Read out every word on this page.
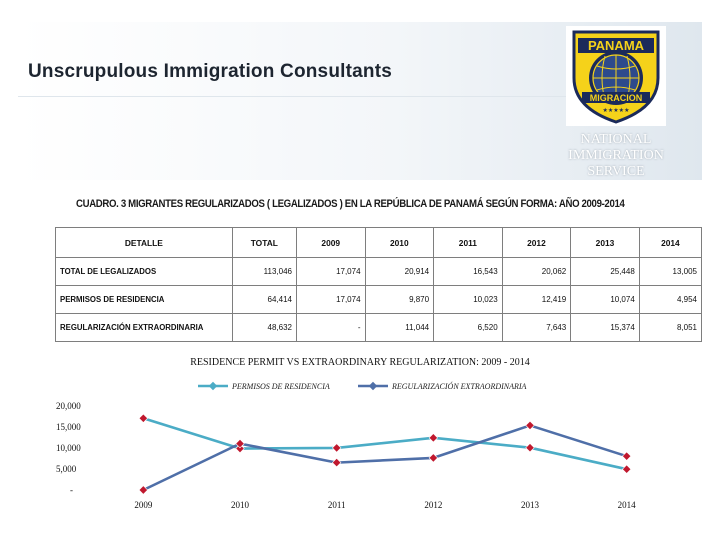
Unscrupulous Immigration Consultants
PANAMA
MIGRACION
★★★★★
NATIONAL
IMMIGRATION
SERVICE
CUADRO. 3 MIGRANTES REGULARIZADOS ( LEGALIZADOS ) EN LA REPÚBLICA DE PANAMÁ SEGÚN FORMA: AÑO 2009-2014
DETALLE	TOTAL	2009	2010	2011	2012	2013	2014
TOTAL DE LEGALIZADOS	113,046	17,074	20,914	16,543	20,062	25,448	13,005
PERMISOS DE RESIDENCIA	64,414	17,074	9,870	10,023	12,419	10,074	4,954
REGULARIZACIÓN EXTRAORDINARIA	48,632	-	11,044	6,520	7,643	15,374	8,051
RESIDENCE PERMIT VS EXTRAORDINARY REGULARIZATION: 2009 - 2014
PERMISOS DE RESIDENCIA	REGULARIZACIÓN EXTRAORDINARIA
-
5,000
10,000
15,000
20,000
2009	2010	2011	2012	2013	2014
